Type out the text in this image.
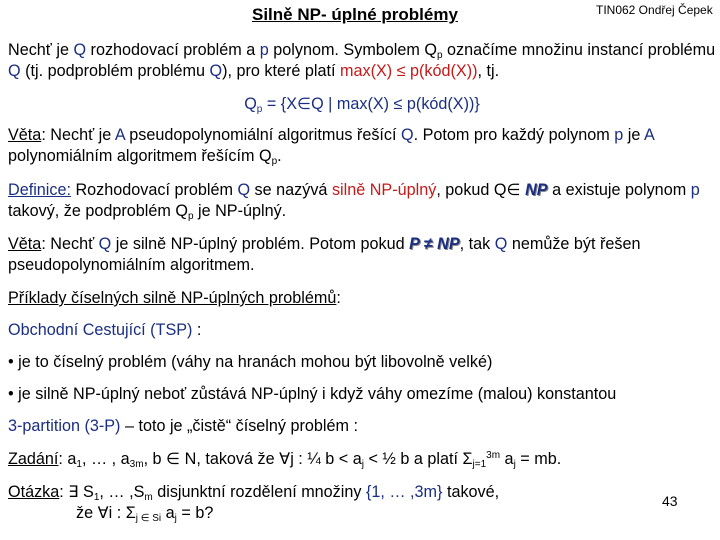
Silně NP- úplné problémy	TIN062 Ondřej Čepek
Nechť je Q rozhodovací problém a p polynom. Symbolem $Q_p$ označíme množinu instancí problému Q (tj. podproblém problému Q), pro které platí max(X) ≤ p(kód(X)), tj.
$Q_p$ = {X∈Q | max(X) ≤ p(kód(X))}
Věta: Nechť je A pseudopolynomiální algoritmus řešící Q. Potom pro každý polynom p je A polynomiálním algoritmem řešícím $Q_p$.
Definice: Rozhodovací problém Q se nazývá silně NP-úplný, pokud Q∈ NP a existuje polynom p takový, že podproblém $Q_p$ je NP-úplný.
Věta: Nechť Q je silně NP-úplný problém. Potom pokud P ≠ NP, tak Q nemůže být řešen pseudopolynomiálním algoritmem.
Příklady číselných silně NP-úplných problémů:
Obchodní Cestující (TSP) :
• je to číselný problém (váhy na hranách mohou být libovolně velké)
• je silně NP-úplný neboť zůstává NP-úplný i když váhy omezíme (malou) konstantou
3-partition (3-P) – toto je „čistě“ číselný problém :
Zadání: $a_1$, … , $a_{3m}$, b ∈ N, taková že ∀j : ¼ $b < a_j$ < ½ b a platí $\Sigma_{j=1}^{3m}$ $a_j$ = mb.
Otázka: ∃ $S_1$, … $,S_m$ disjunktní rozdělení množiny {1, … ,3m} takové,
že ∀i : $\Sigma_{j \in Si}$ $a_j = b$?
43
